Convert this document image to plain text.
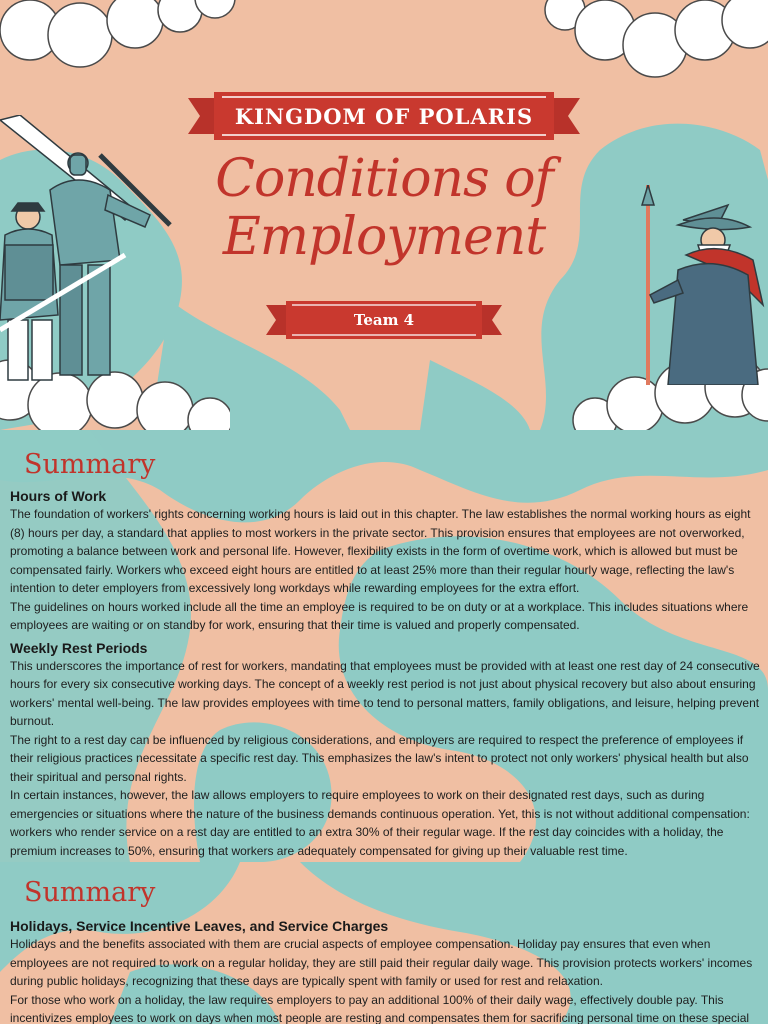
KINGDOM OF POLARIS
Conditions of
Employment
Team 4
Summary
Hours of Work

The foundation of workers' rights concerning working hours is laid out in this chapter. The law establishes the normal working hours as eight (8) hours per day, a standard that applies to most workers in the private sector. This provision ensures that employees are not overworked, promoting a balance between work and personal life. However, flexibility exists in the form of overtime work, which is allowed but must be compensated fairly. Workers who exceed eight hours are entitled to at least 25% more than their regular hourly wage, reflecting the law's intention to deter employers from excessively long workdays while rewarding employees for the extra effort.

The guidelines on hours worked include all the time an employee is required to be on duty or at a workplace. This includes situations where employees are waiting or on standby for work, ensuring that their time is valued and properly compensated.

Weekly Rest Periods

This underscores the importance of rest for workers, mandating that employees must be provided with at least one rest day of 24 consecutive hours for every six consecutive working days. The concept of a weekly rest period is not just about physical recovery but also about ensuring workers' mental well-being. The law provides employees with time to tend to personal matters, family obligations, and leisure, helping prevent burnout.

The right to a rest day can be influenced by religious considerations, and employers are required to respect the preference of employees if their religious practices necessitate a specific rest day. This emphasizes the law's intent to protect not only workers' physical health but also their spiritual and personal rights.

In certain instances, however, the law allows employers to require employees to work on their designated rest days, such as during emergencies or situations where the nature of the business demands continuous operation. Yet, this is not without additional compensation: workers who render service on a rest day are entitled to an extra 30% of their regular wage. If the rest day coincides with a holiday, the premium increases to 50%, ensuring that workers are adequately compensated for giving up their valuable rest time.

Summary
Holidays, Service Incentive Leaves, and Service Charges

Holidays and the benefits associated with them are crucial aspects of employee compensation. Holiday pay ensures that even when employees are not required to work on a regular holiday, they are still paid their regular daily wage. This provision protects workers' incomes during public holidays, recognizing that these days are typically spent with family or used for rest and relaxation.

For those who work on a holiday, the law requires employers to pay an additional 100% of their daily wage, effectively double pay. This incentivizes employees to work on days when most people are resting and compensates them for sacrificing personal time on these special
